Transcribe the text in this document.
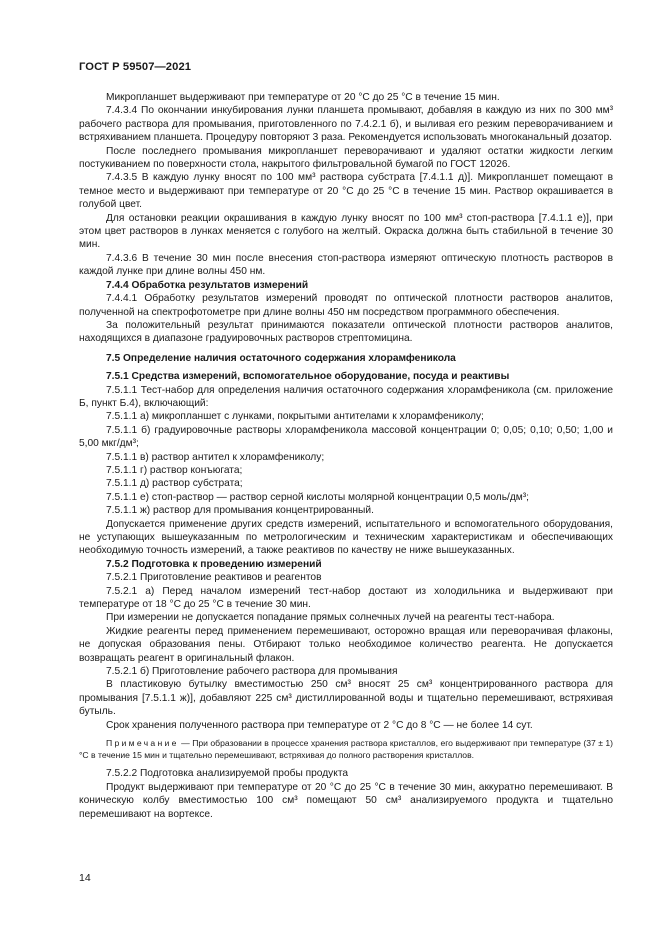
ГОСТ Р 59507—2021

Микропланшет выдерживают при температуре от 20 °С до 25 °С в течение 15 мин.

7.4.3.4 По окончании инкубирования лунки планшета промывают, добавляя в каждую из них по 300 мм³ рабочего раствора для промывания, приготовленного по 7.4.2.1 б), и выливая его резким переворачиванием и встряхиванием планшета. Процедуру повторяют 3 раза. Рекомендуется использовать многоканальный дозатор.

После последнего промывания микропланшет переворачивают и удаляют остатки жидкости легким постукиванием по поверхности стола, накрытого фильтровальной бумагой по ГОСТ 12026.

7.4.3.5 В каждую лунку вносят по 100 мм³ раствора субстрата [7.4.1.1 д)]. Микропланшет помещают в темное место и выдерживают при температуре от 20 °С до 25 °С в течение 15 мин. Раствор окрашивается в голубой цвет.

Для остановки реакции окрашивания в каждую лунку вносят по 100 мм³ стоп-раствора [7.4.1.1 е)], при этом цвет растворов в лунках меняется с голубого на желтый. Окраска должна быть стабильной в течение 30 мин.

7.4.3.6 В течение 30 мин после внесения стоп-раствора измеряют оптическую плотность растворов в каждой лунке при длине волны 450 нм.

7.4.4 Обработка результатов измерений

7.4.4.1 Обработку результатов измерений проводят по оптической плотности растворов аналитов, полученной на спектрофотометре при длине волны 450 нм посредством программного обеспечения.

За положительный результат принимаются показатели оптической плотности растворов аналитов, находящихся в диапазоне градуировочных растворов стрептомицина.

7.5 Определение наличия остаточного содержания хлорамфеникола

7.5.1 Средства измерений, вспомогательное оборудование, посуда и реактивы

7.5.1.1 Тест-набор для определения наличия остаточного содержания хлорамфеникола (см. приложение Б, пункт Б.4), включающий:

7.5.1.1 а) микропланшет с лунками, покрытыми антителами к хлорамфениколу;

7.5.1.1 б) градуировочные растворы хлорамфеникола массовой концентрации 0; 0,05; 0,10; 0,50; 1,00 и 5,00 мкг/дм³;

7.5.1.1 в) раствор антител к хлорамфениколу;

7.5.1.1 г) раствор конъюгата;

7.5.1.1 д) раствор субстрата;

7.5.1.1 е) стоп-раствор — раствор серной кислоты молярной концентрации 0,5 моль/дм³;

7.5.1.1 ж) раствор для промывания концентрированный.

Допускается применение других средств измерений, испытательного и вспомогательного оборудования, не уступающих вышеуказанным по метрологическим и техническим характеристикам и обеспечивающих необходимую точность измерений, а также реактивов по качеству не ниже вышеуказанных.

7.5.2 Подготовка к проведению измерений

7.5.2.1 Приготовление реактивов и реагентов

7.5.2.1 а) Перед началом измерений тест-набор достают из холодильника и выдерживают при температуре от 18 °С до 25 °С в течение 30 мин.

При измерении не допускается попадание прямых солнечных лучей на реагенты тест-набора.

Жидкие реагенты перед применением перемешивают, осторожно вращая или переворачивая флаконы, не допуская образования пены. Отбирают только необходимое количество реагента. Не допускается возвращать реагент в оригинальный флакон.

7.5.2.1 б) Приготовление рабочего раствора для промывания

В пластиковую бутылку вместимостью 250 см³ вносят 25 см³ концентрированного раствора для промывания [7.5.1.1 ж)], добавляют 225 см³ дистиллированной воды и тщательно перемешивают, встряхивая бутыль.

Срок хранения полученного раствора при температуре от 2 °С до 8 °С — не более 14 сут.

Примечание — При образовании в процессе хранения раствора кристаллов, его выдерживают при температуре (37 ± 1) °С в течение 15 мин и тщательно перемешивают, встряхивая до полного растворения кристаллов.

7.5.2.2 Подготовка анализируемой пробы продукта

Продукт выдерживают при температуре от 20 °С до 25 °С в течение 30 мин, аккуратно перемешивают. В коническую колбу вместимостью 100 см³ помещают 50 см³ анализируемого продукта и тщательно перемешивают на вортексе.

14
